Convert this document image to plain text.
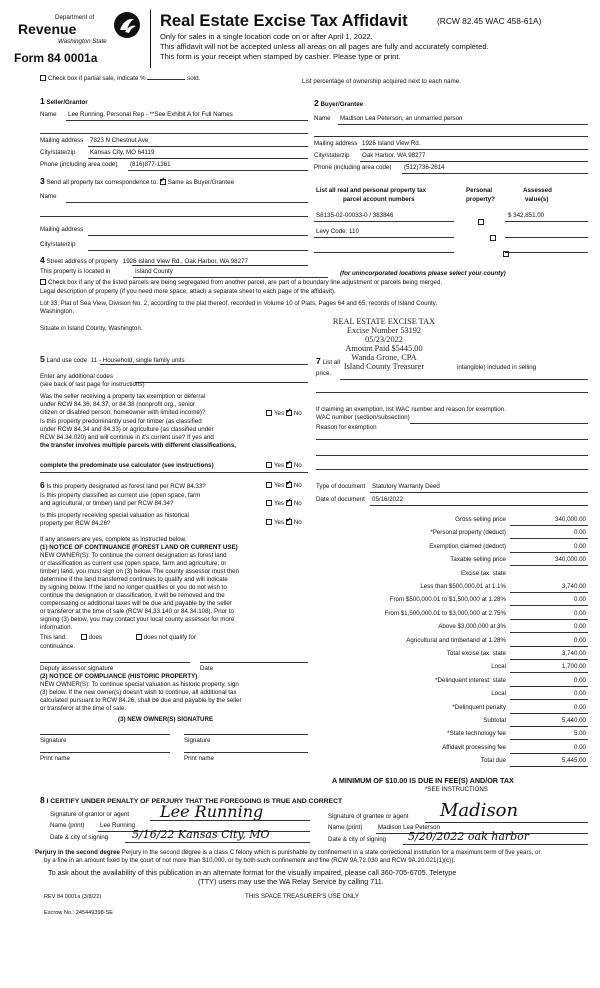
Department of
Revenue
Washington State
Form 84 0001a
Real Estate Excise Tax Affidavit	(RCW 82.45 WAC 458-61A)
Only for sales in a single location code on or after April 1, 2022.
This affidavit will not be accepted unless all areas on all pages are fully and accurately completed.
This form is your receipt when stamped by cashier. Please type or print.
Check box if partial sale, indicate %	sold.	List percentage of ownership acquired next to each name.
1 Seller/Grantor
Name Lee Running, Personal Rep - **See Exhibit A for Full Names
Mailing address 7823 N Chestnut Ave
City/state/zip Kansas City, MO 64119
Phone (including area code) (816)877-1361
2 Buyer/Grantee
Name Madison Lea Peterson, an unmarried person
Mailing address 1926 Island View Rd.
City/state/zip Oak Harbor, WA 98277
Phone (including area code) (512)736-2614
3 Send all property tax correspondence to: ✓ Same as Buyer/Grantee
Name
Mailing address
City/state/zip
List all real and personal property tax
parcel account numbers
Personal
property?
Assessed
value(s)
S8135-02-00033-0 / 383846
	$ 342,851.00
Levy Code: 110

4 Street address of property 1926 Island View Rd., Oak Harbor, WA 98277
This property is located in	Island County	(for unincorporated locations please select your county)
Check box if any of the listed parcels are being segregated from another parcel, are part of a boundary line adjustment or parcels being merged.
Legal description of property (if you need more space, attach a separate sheet to each page of the affidavit).
Lot 33, Plat of Sea View, Division No. 2, according to the plat thereof, recorded in Volume 10 of Plats, Pages 64 and 65, records of Island County,
Washington.
Situate in Island County, Washington.
REAL ESTATE EXCISE TAX
Excise Number 53192
05/23/2022
Amount Paid $5445.00
Wanda Grone, CPA
Island County Treasurer
5 Land use code 11 - Household, single family units
Enter any additional codes
(see back of last page for instructions)
Was the seller receiving a property tax exemption or deferral
under RCW 84.36, 84.37, or 84.38 (nonprofit org., senior
citizen or disabled person, homeowner with limited income)?	Yes ✓ No
Is this property predominantly used for timber (as classified
under RCW 84.34 and 84.33) or agriculture (as classified under
RCW 84.34.020) and will continue in it's current use? If yes and
the transfer involves multiple parcels with different classifications,
complete the predominate use calculator (see instructions)	Yes ✓ No
7 List all
intangible) included in selling
price.
If claiming an exemption, list WAC number and reason for exemption.
WAC number (section/subsection)
Reason for exemption
Type of document Statutory Warranty Deed
Date of document 05/16/2022
6 Is this property designated as forest land per RCW 84.33?	Yes ✓ No
Is this property classified as current use (open space, farm
and agricultural, or timber) land per RCW 84.34?	Yes ✓ No
Is this property receiving special valuation as historical
property per RCW 84.26?	Yes ✓ No
If any answers are yes, complete as instructed below.
(1) NOTICE OF CONTINUANCE (FOREST LAND OR CURRENT USE)
NEW OWNER(S): To continue the current designation as forest land
or classification as current use (open space, farm and agriculture, or
timber) land, you must sign on (3) below. The county assessor must then
determine if the land transferred continues to qualify and will indicate
by signing below. If the land no longer qualifies or you do not wish to
continue the designation or classification, it will be removed and the
compensating or additional taxes will be due and payable by the seller
or transferor at the time of sale (RCW 84.33.140 or 84.34.108). Prior to
signing (3) below, you may contact your local county assessor for more
information.
This land:	does	does not qualify for
continuance.
Deputy assessor signature	Date
(2) NOTICE OF COMPLIANCE (HISTORIC PROPERTY)
NEW OWNER(S): To continue special valuation as historic property, sign
(3) below. If the new owner(s) doesn't wish to continue, all additional tax
calculated pursuant to RCW 84.26, shall be due and payable by the seller
or transferor at the time of sale.
(3) NEW OWNER(S) SIGNATURE
Signature	Signature
Print name	Print name
Gross selling price	340,000.00
*Personal property (deduct)	0.00
Exemption claimed (deduct)	0.00
Taxable selling price	340,000.00
Excise tax: state
Less than $500,000.01 at 1.1%	3,740.00
From $500,000.01 to $1,500,000 at 1.28%	0.00
From $1,500,000.01 to $3,000,000 at 2.75%	0.00
Above $3,000,000 at 3%	0.00
Agricultural and timberland at 1.28%	0.00
Total excise tax: state	3,740.00
Local	1,700.00
*Delinquent interest: state	0.00
Local	0.00
*Delinquent penalty	0.00
Subtotal	5,440.00
*State technology fee	5.00
Affidavit processing fee	0.00
Total due	5,445.00
A MINIMUM OF $10.00 IS DUE IN FEE(S) AND/OR TAX
*SEE INSTRUCTIONS
8 I CERTIFY UNDER PENALTY OF PERJURY THAT THE FOREGOING IS TRUE AND CORRECT
Signature of grantor or agent Lee Running
Name (print)	Lee Running
Date & city of signing 5/16/22 Kansas City, MO
Signature of grantee or agent Madison
Name (print)	Madison Lea Peterson
Date & city of signing 5/20/2022 oak harbor
Perjury in the second degree Perjury in the second degree is a class C felony which is punishable by confinement in a state correctional institution for a maximum term of five years, or
by a fine in an amount fixed by the court of not more than $10,000, or by both such confinement and fine (RCW 9A.72.030 and RCW 9A.20.021(1)(c)).
To ask about the availability of this publication in an alternate format for the visually impaired, please call 360-705-6705. Teletype
(TTY) users may use the WA Relay Service by calling 711.
REV 84 0001a (3/8/22)	THIS SPACE TREASURER'S USE ONLY
Escrow No.: 245449398-SE
